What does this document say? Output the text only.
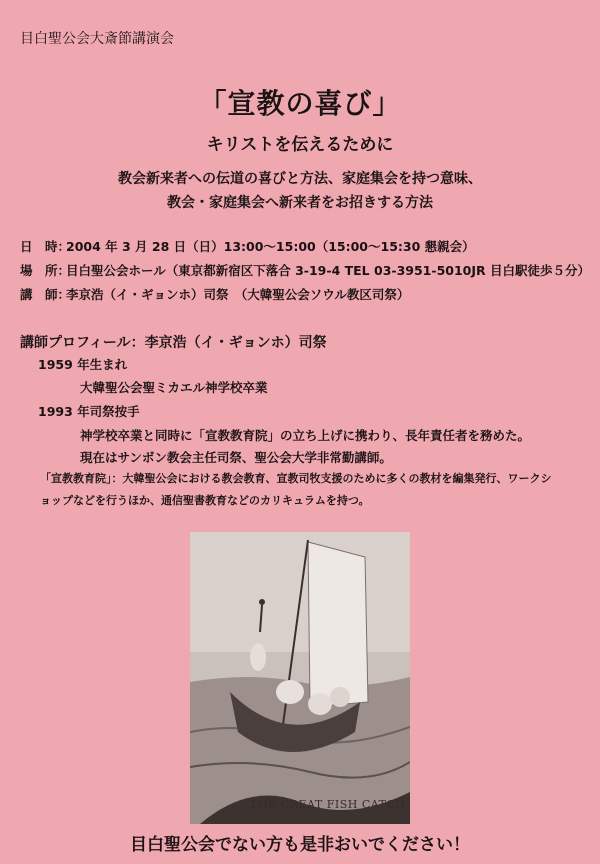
目白聖公会大斎節講演会
「宣教の喜び」
キリストを伝えるために
教会新来者への伝道の喜びと方法、家庭集会を持つ意味、
教会・家庭集会へ新来者をお招きする方法
日　時：2004 年 3 月 28 日（日）13:00～15:00（15:00～15:30 懇親会）
場　所：目白聖公会ホール（東京都新宿区下落合 3-19-4 TEL 03-3951-5010JR 目白駅徒歩５分）
講　師：李京浩（イ・ギョンホ）司祭　（大韓聖公会ソウル教区司祭）
講師プロフィール：李京浩（イ・ギョンホ）司祭
1959 年生まれ
大韓聖公会聖ミカエル神学校卒業
1993 年司祭按手
神学校卒業と同時に「宣教教育院」の立ち上げに携わり、長年責任者を務めた。
現在はサンボン教会主任司祭、聖公会大学非常勤講師。
「宣教教育院」：大韓聖公会における教会教育、宣教司牧支援のために多くの教材を編集発行、ワークシ
ョップなどを行うほか、通信聖書教育などのカリキュラムを持つ。
THE GREAT FISH CATCH
目白聖公会でない方も是非おいでください！
